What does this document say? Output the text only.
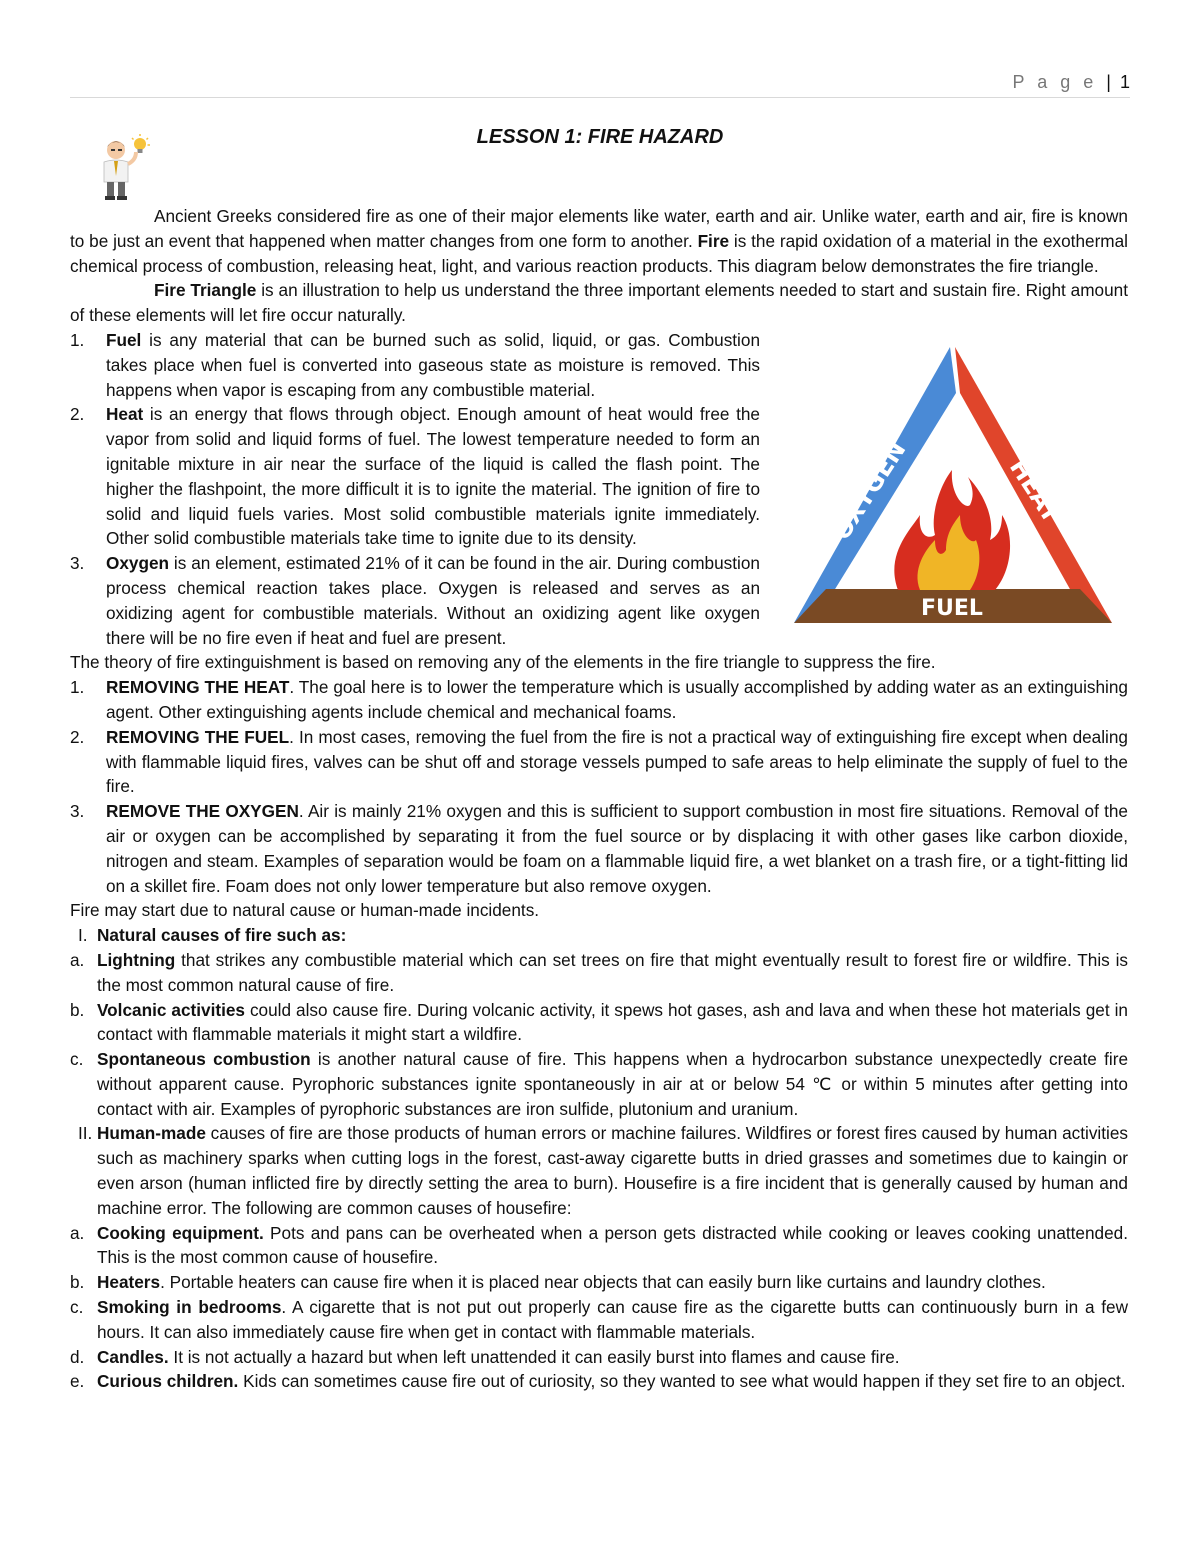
P a g e | 1
LESSON 1: FIRE HAZARD
OXYGEN	HEAT
FUEL

Ancient Greeks considered fire as one of their major elements like water, earth and air. Unlike water, earth and air, fire is known to be just an event that happened when matter changes from one form to another. Fire is the rapid oxidation of a material in the exothermal chemical process of combustion, releasing heat, light, and various reaction products. This diagram below demonstrates the fire triangle.

Fire Triangle is an illustration to help us understand the three important elements needed to start and sustain fire. Right amount of these elements will let fire occur naturally.

1. Fuel is any material that can be burned such as solid, liquid, or gas. Combustion takes place when fuel is converted into gaseous state as moisture is removed. This happens when vapor is escaping from any combustible material.
2. Heat is an energy that flows through object. Enough amount of heat would free the vapor from solid and liquid forms of fuel. The lowest temperature needed to form an ignitable mixture in air near the surface of the liquid is called the flash point. The higher the flashpoint, the more difficult it is to ignite the material. The ignition of fire to solid and liquid fuels varies. Most solid combustible materials ignite immediately. Other solid combustible materials take time to ignite due to its density.
3. Oxygen is an element, estimated 21% of it can be found in the air. During combustion process chemical reaction takes place. Oxygen is released and serves as an oxidizing agent for combustible materials. Without an oxidizing agent like oxygen there will be no fire even if heat and fuel are present.

The theory of fire extinguishment is based on removing any of the elements in the fire triangle to suppress the fire.

1. REMOVING THE HEAT. The goal here is to lower the temperature which is usually accomplished by adding water as an extinguishing agent. Other extinguishing agents include chemical and mechanical foams.
2. REMOVING THE FUEL. In most cases, removing the fuel from the fire is not a practical way of extinguishing fire except when dealing with flammable liquid fires, valves can be shut off and storage vessels pumped to safe areas to help eliminate the supply of fuel to the fire.
3. REMOVE THE OXYGEN. Air is mainly 21% oxygen and this is sufficient to support combustion in most fire situations. Removal of the air or oxygen can be accomplished by separating it from the fuel source or by displacing it with other gases like carbon dioxide, nitrogen and steam. Examples of separation would be foam on a flammable liquid fire, a wet blanket on a trash fire, or a tight-fitting lid on a skillet fire. Foam does not only lower temperature but also remove oxygen.

Fire may start due to natural cause or human-made incidents.

I. Natural causes of fire such as:
a. Lightning that strikes any combustible material which can set trees on fire that might eventually result to forest fire or wildfire. This is the most common natural cause of fire.
b. Volcanic activities could also cause fire. During volcanic activity, it spews hot gases, ash and lava and when these hot materials get in contact with flammable materials it might start a wildfire.
c. Spontaneous combustion is another natural cause of fire. This happens when a hydrocarbon substance unexpectedly create fire without apparent cause. Pyrophoric substances ignite spontaneously in air at or below 54 ℃ or within 5 minutes after getting into contact with air. Examples of pyrophoric substances are iron sulfide, plutonium and uranium.
II. Human-made causes of fire are those products of human errors or machine failures. Wildfires or forest fires caused by human activities such as machinery sparks when cutting logs in the forest, cast-away cigarette butts in dried grasses and sometimes due to kaingin or even arson (human inflicted fire by directly setting the area to burn). Housefire is a fire incident that is generally caused by human and machine error. The following are common causes of housefire:
a. Cooking equipment. Pots and pans can be overheated when a person gets distracted while cooking or leaves cooking unattended. This is the most common cause of housefire.
b. Heaters. Portable heaters can cause fire when it is placed near objects that can easily burn like curtains and laundry clothes.
c. Smoking in bedrooms. A cigarette that is not put out properly can cause fire as the cigarette butts can continuously burn in a few hours. It can also immediately cause fire when get in contact with flammable materials.
d. Candles. It is not actually a hazard but when left unattended it can easily burst into flames and cause fire.
e. Curious children. Kids can sometimes cause fire out of curiosity, so they wanted to see what would happen if they set fire to an object.
